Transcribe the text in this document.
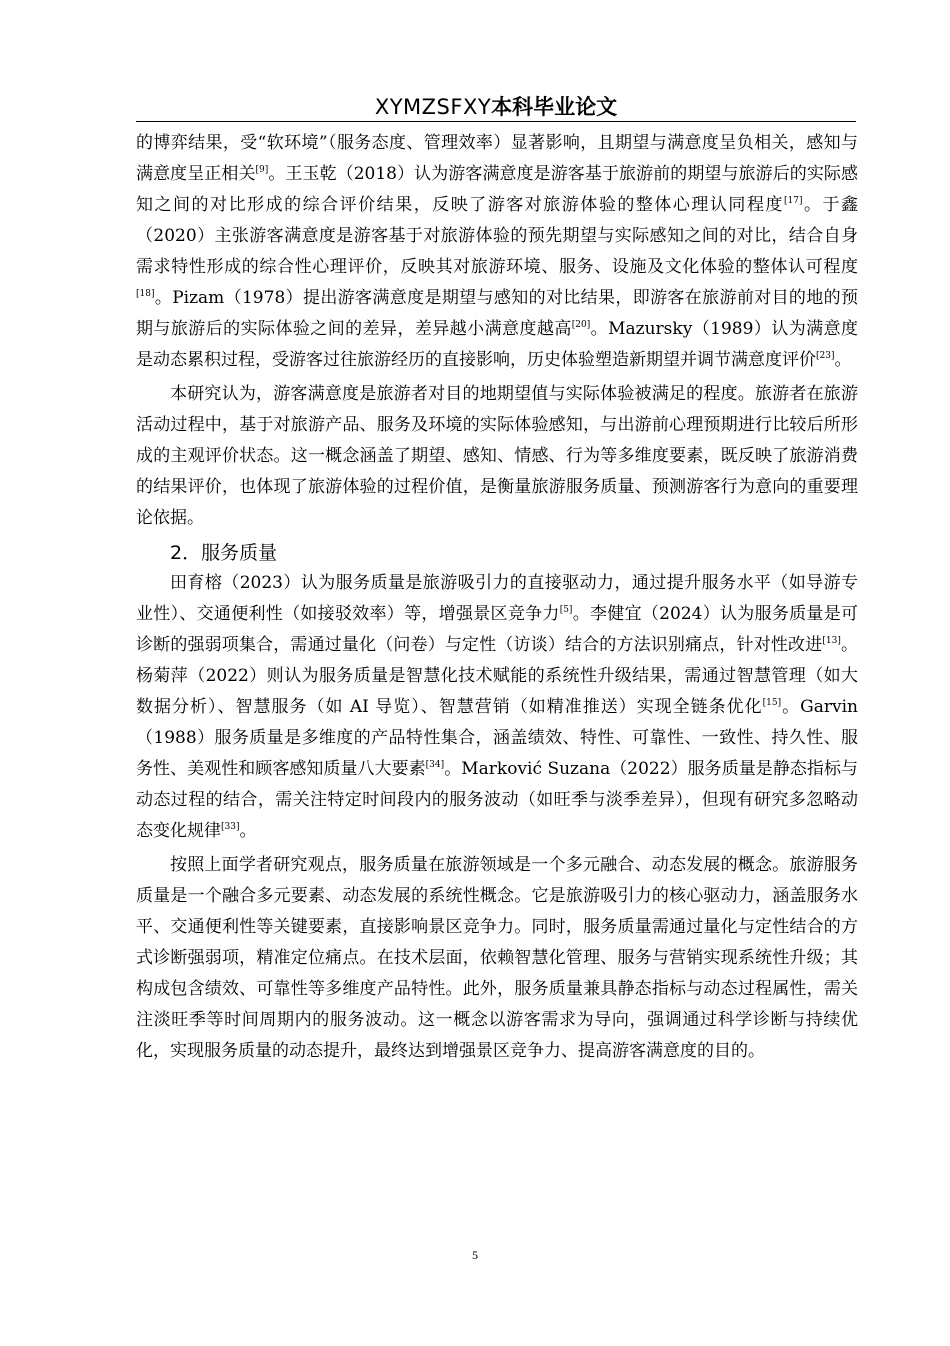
XYMZSFXY本科毕业论文

的博弈结果，受“软环境”（服务态度、管理效率）显著影响，且期望与满意度呈负相关，感知与满意度呈正相关[9]。王玉乾（2018）认为游客满意度是游客基于旅游前的期望与旅游后的实际感知之间的对比形成的综合评价结果，反映了游客对旅游体验的整体心理认同程度[17]。于鑫（2020）主张游客满意度是游客基于对旅游体验的预先期望与实际感知之间的对比，结合自身需求特性形成的综合性心理评价，反映其对旅游环境、服务、设施及文化体验的整体认可程度[18]。Pizam（1978）提出游客满意度是期望与感知的对比结果，即游客在旅游前对目的地的预期与旅游后的实际体验之间的差异，差异越小满意度越高[20]。Mazursky（1989）认为满意度是动态累积过程，受游客过往旅游经历的直接影响，历史体验塑造新期望并调节满意度评价[23]。

本研究认为，游客满意度是旅游者对目的地期望值与实际体验被满足的程度。旅游者在旅游活动过程中，基于对旅游产品、服务及环境的实际体验感知，与出游前心理预期进行比较后所形成的主观评价状态。这一概念涵盖了期望、感知、情感、行为等多维度要素，既反映了旅游消费的结果评价，也体现了旅游体验的过程价值，是衡量旅游服务质量、预测游客行为意向的重要理论依据。

2．服务质量

田育榕（2023）认为服务质量是旅游吸引力的直接驱动力，通过提升服务水平（如导游专业性）、交通便利性（如接驳效率）等，增强景区竞争力[5]。李健宜（2024）认为服务质量是可诊断的强弱项集合，需通过量化（问卷）与定性（访谈）结合的方法识别痛点，针对性改进[13]。杨菊萍（2022）则认为服务质量是智慧化技术赋能的系统性升级结果，需通过智慧管理（如大数据分析）、智慧服务（如 AI 导览）、智慧营销（如精准推送）实现全链条优化[15]。Garvin（1988）服务质量是多维度的产品特性集合，涵盖绩效、特性、可靠性、一致性、持久性、服务性、美观性和顾客感知质量八大要素[34]。Marković Suzana（2022）服务质量是静态指标与动态过程的结合，需关注特定时间段内的服务波动（如旺季与淡季差异），但现有研究多忽略动态变化规律[33]。

按照上面学者研究观点，服务质量在旅游领域是一个多元融合、动态发展的概念。旅游服务质量是一个融合多元要素、动态发展的系统性概念。它是旅游吸引力的核心驱动力，涵盖服务水平、交通便利性等关键要素，直接影响景区竞争力。同时，服务质量需通过量化与定性结合的方式诊断强弱项，精准定位痛点。在技术层面，依赖智慧化管理、服务与营销实现系统性升级；其构成包含绩效、可靠性等多维度产品特性。此外，服务质量兼具静态指标与动态过程属性，需关注淡旺季等时间周期内的服务波动。这一概念以游客需求为导向，强调通过科学诊断与持续优化，实现服务质量的动态提升，最终达到增强景区竞争力、提高游客满意度的目的。

5
